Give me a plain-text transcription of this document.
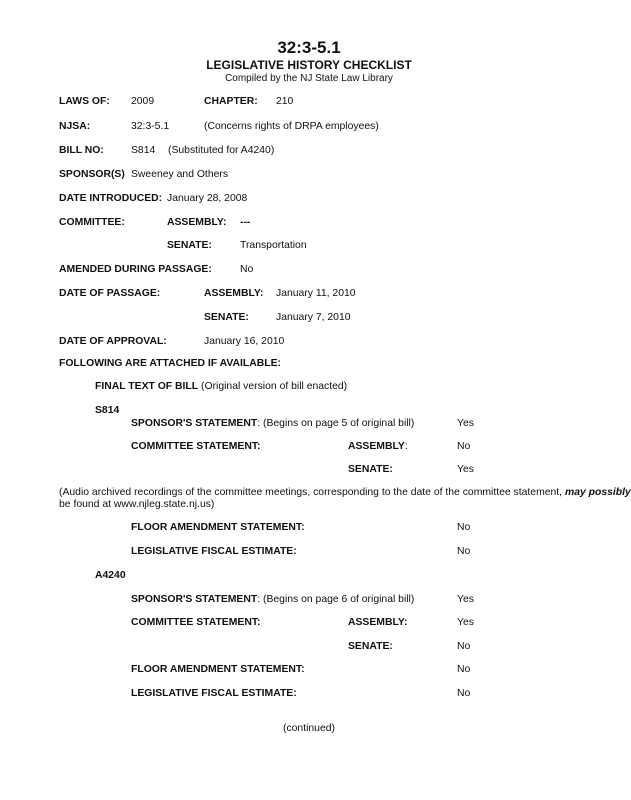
32:3-5.1
LEGISLATIVE HISTORY CHECKLIST
Compiled by the NJ State Law Library
LAWS OF: 2009	CHAPTER: 210
NJSA:	32:3-5.1	(Concerns rights of DRPA employees)
BILL NO:	S814 (Substituted for A4240)
SPONSOR(S) Sweeney and Others
DATE INTRODUCED: January 28, 2008
COMMITTEE:	ASSEMBLY: ---
SENATE:	Transportation
AMENDED DURING PASSAGE:	No
DATE OF PASSAGE:	ASSEMBLY: January 11, 2010
SENATE:	January 7, 2010
DATE OF APPROVAL:	January 16, 2010
FOLLOWING ARE ATTACHED IF AVAILABLE:
FINAL TEXT OF BILL (Original version of bill enacted)
S814
SPONSOR'S STATEMENT: (Begins on page 5 of original bill)	Yes
COMMITTEE STATEMENT:	ASSEMBLY:	No
SENATE:	Yes
(Audio archived recordings of the committee meetings, corresponding to the date of the committee statement, may possibly
be found at www.njleg.state.nj.us)
FLOOR AMENDMENT STATEMENT:	No
LEGISLATIVE FISCAL ESTIMATE:	No
A4240
SPONSOR'S STATEMENT: (Begins on page 6 of original bill)	Yes
COMMITTEE STATEMENT:	ASSEMBLY:	Yes
SENATE:	No
FLOOR AMENDMENT STATEMENT:	No
LEGISLATIVE FISCAL ESTIMATE:	No
(continued)
